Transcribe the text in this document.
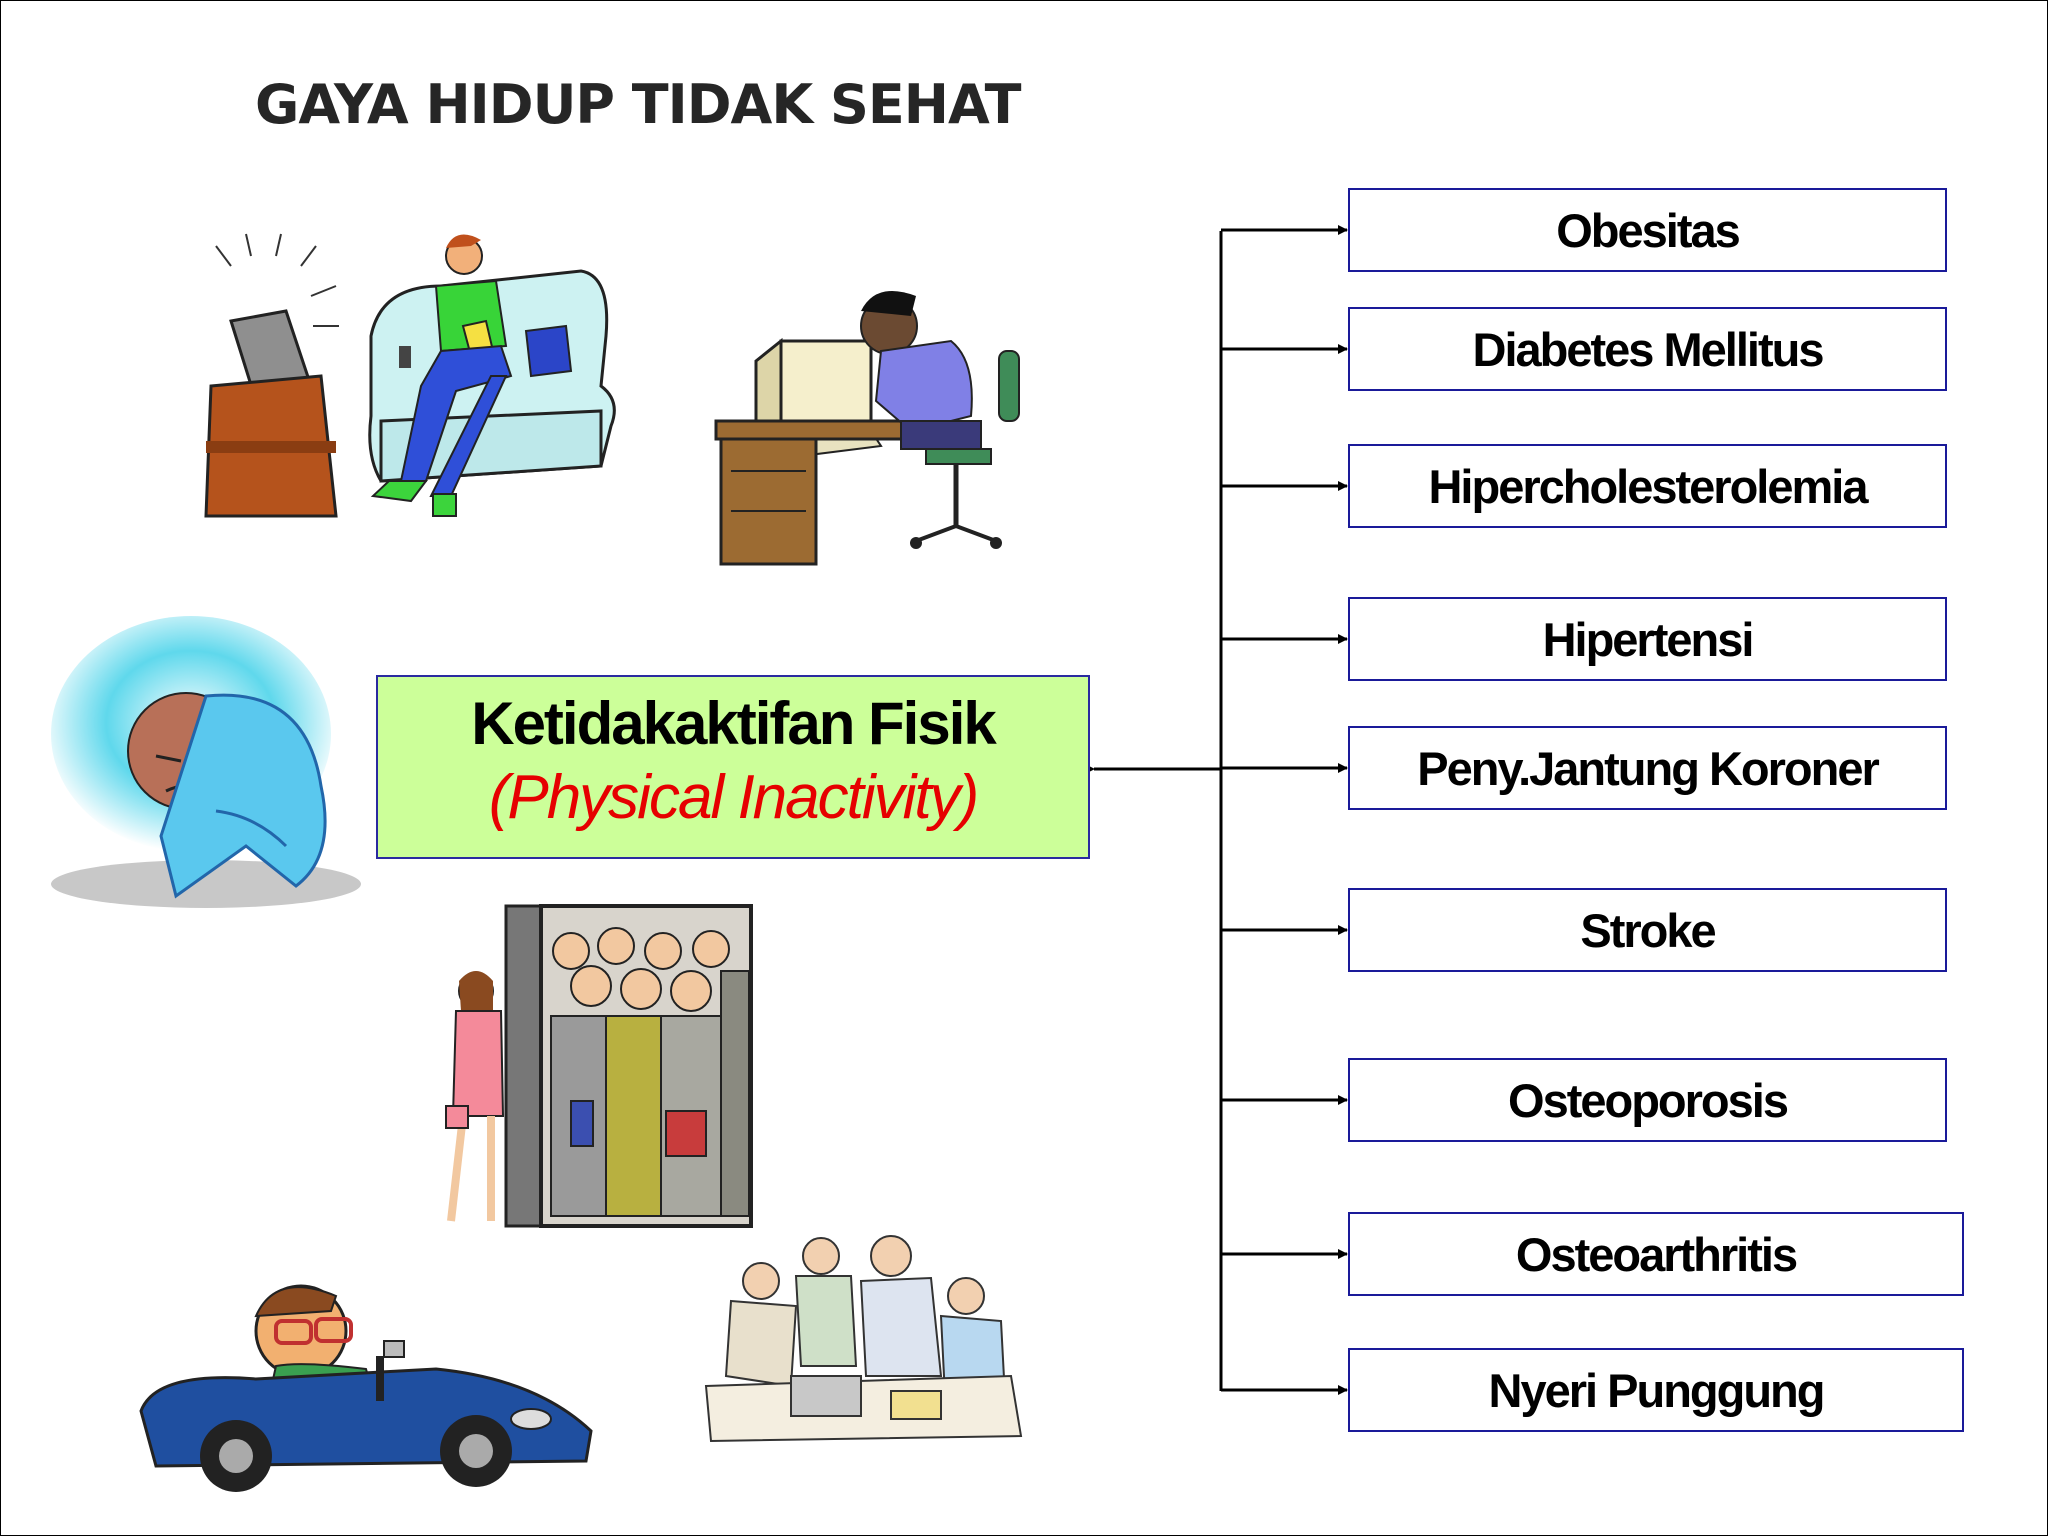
GAYA HIDUP TIDAK SEHAT
Ketidakaktifan Fisik
(Physical Inactivity)
Obesitas
Diabetes Mellitus
Hipercholesterolemia
Hipertensi
Peny.Jantung Koroner
Stroke
Osteoporosis
Osteoarthritis
Nyeri Punggung
